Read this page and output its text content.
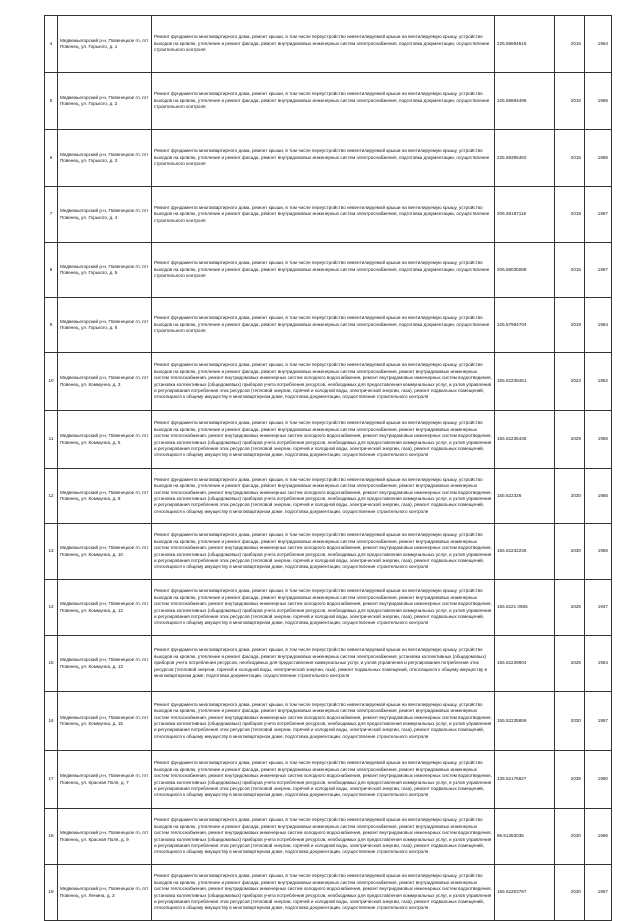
4	Медвежьегорский р-н, Повенецкое гп, пгт Повенец, ул. Горького, д. 1	Ремонт фундамента многоквартирного дома, ремонт крыши, в том числе переустройство невентилируемой крыши на вентилируемую крышу, устройство выходов на кровлю, утепление и ремонт фасада, ремонт внутридомовых инженерных систем электроснабжения, подготовка документации, осуществление строительного контроля	225.58694515	2016	1964
5	Медвежьегорский р-н, Повенецкое гп, пгт Повенец, ул. Горького, д. 2	Ремонт фундамента многоквартирного дома, ремонт крыши, в том числе переустройство невентилируемой крыши на вентилируемую крышу, устройство выходов на кровлю, утепление и ремонт фасада, ремонт внутридомовых инженерных систем электроснабжения, подготовка документации, осуществление строительного контроля	225.58694495	2016	1965
6	Медвежьегорский р-н, Повенецкое гп, пгт Повенец, ул. Горького, д. 3	Ремонт фундамента многоквартирного дома, ремонт крыши, в том числе переустройство невентилируемой крыши на вентилируемую крышу, устройство выходов на кровлю, утепление и ремонт фасада, ремонт внутридомовых инженерных систем электроснабжения, подготовка документации, осуществление строительного контроля	225.58395462	2016	1965
7	Медвежьегорский р-н, Повенецкое гп, пгт Повенец, ул. Горького, д. 4	Ремонт фундамента многоквартирного дома, ремонт крыши, в том числе переустройство невентилируемой крыши на вентилируемую крышу, устройство выходов на кровлю, утепление и ремонт фасада, ремонт внутридомовых инженерных систем электроснабжения, подготовка документации, осуществление строительного контроля	205.58187118	2019	1967
8	Медвежьегорский р-н, Повенецкое гп, пгт Повенец, ул. Горького, д. 5	Ремонт фундамента многоквартирного дома, ремонт крыши, в том числе переустройство невентилируемой крыши на вентилируемую крышу, устройство выходов на кровлю, утепление и ремонт фасада, ремонт внутридомовых инженерных систем электроснабжения, подготовка документации, осуществление строительного контроля	205.58035088	2016	1967
9	Медвежьегорский р-н, Повенецкое гп, пгт Повенец, ул. Горького, д. 6	Ремонт фундамента многоквартирного дома, ремонт крыши, в том числе переустройство невентилируемой крыши на вентилируемую крышу, устройство выходов на кровлю, утепление и ремонт фасада, ремонт внутридомовых инженерных систем электроснабжения, подготовка документации, осуществление строительного контроля	225.57984704	2019	1964
10	Медвежьегорский р-н, Повенецкое гп, пгт Повенец, ул. Коммунна, д. 3	Ремонт фундамента многоквартирного дома, ремонт крыши, в том числе переустройство невентилируемой крыши на вентилируемую крышу, устройство выходов на кровлю, утепление и ремонт фасада, ремонт внутридомовых инженерных систем электроснабжения, ремонт внутридомовых инженерных систем теплоснабжения, ремонт внутридомовых инженерных систем холодного водоснабжения, ремонт внутридомовых инженерных систем водоотведения, установка коллективных (общедомовых) приборов учета потребления ресурсов, необходимых для предоставления коммунальных услуг, и узлов управления и регулирования потребления этих ресурсов (тепловой энергии, горячей и холодной воды, электрической энергии, газа), ремонт подвальных помещений, относящихся к общему имуществу в многоквартирном доме, подготовка документации, осуществление строительного контроля	155.52238451	2023	1952
11	Медвежьегорский р-н, Повенецкое гп, пгт Повенец, ул. Коммунна, д. 5	Ремонт фундамента многоквартирного дома, ремонт крыши, в том числе переустройство невентилируемой крыши на вентилируемую крышу, устройство выходов на кровлю, утепление и ремонт фасада, ремонт внутридомовых инженерных систем электроснабжения, ремонт внутридомовых инженерных систем теплоснабжения, ремонт внутридомовых инженерных систем холодного водоснабжения, ремонт внутридомовых инженерных систем водоотведения, установка коллективных (общедомовых) приборов учета потребления ресурсов, необходимых для предоставления коммунальных услуг, и узлов управления и регулирования потребления этих ресурсов (тепловой энергии, горячей и холодной воды, электрической энергии, газа), ремонт подвальных помещений, относящихся к общему имуществу в многоквартирном доме, подготовка документации, осуществление строительного контроля	155.52235448	2029	1956
12	Медвежьегорский р-н, Повенецкое гп, пгт Повенец, ул. Коммунна, д. 8	Ремонт фундамента многоквартирного дома, ремонт крыши, в том числе переустройство невентилируемой крыши на вентилируемую крышу, устройство выходов на кровлю, утепление и ремонт фасада, ремонт внутридомовых инженерных систем электроснабжения, ремонт внутридомовых инженерных систем теплоснабжения, ремонт внутридомовых инженерных систем холодного водоснабжения, ремонт внутридомовых инженерных систем водоотведения, установка коллективных (общедомовых) приборов учета потребления ресурсов, необходимых для предоставления коммунальных услуг, и узлов управления и регулирования потребления этих ресурсов (тепловой энергии, горячей и холодной воды, электрической энергии, газа), ремонт подвальных помещений, относящихся к общему имуществу в многоквартирном доме, подготовка документации, осуществление строительного контроля	155.522326	2030	1956
13	Медвежьегорский р-н, Повенецкое гп, пгт Повенец, ул. Коммунна, д. 10	Ремонт фундамента многоквартирного дома, ремонт крыши, в том числе переустройство невентилируемой крыши на вентилируемую крышу, устройство выходов на кровлю, утепление и ремонт фасада, ремонт внутридомовых инженерных систем электроснабжения, ремонт внутридомовых инженерных систем теплоснабжения, ремонт внутридомовых инженерных систем холодного водоснабжения, ремонт внутридомовых инженерных систем водоотведения, установка коллективных (общедомовых) приборов учета потребления ресурсов, необходимых для предоставления коммунальных услуг, и узлов управления и регулирования потребления этих ресурсов (тепловой энергии, горячей и холодной воды, электрической энергии, газа), ремонт подвальных помещений, относящихся к общему имуществу в многоквартирном доме, подготовка документации, осуществление строительного контроля	155.52232236	2030	1956
14	Медвежьегорский р-н, Повенецкое гп, пгт Повенец, ул. Коммунна, д. 12	Ремонт фундамента многоквартирного дома, ремонт крыши, в том числе переустройство невентилируемой крыши на вентилируемую крышу, устройство выходов на кровлю, утепление и ремонт фасада, ремонт внутридомовых инженерных систем электроснабжения, ремонт внутридомовых инженерных систем теплоснабжения, ремонт внутридомовых инженерных систем холодного водоснабжения, ремонт внутридомовых инженерных систем водоотведения, установка коллективных (общедомовых) приборов учета потребления ресурсов, необходимых для предоставления коммунальных услуг, и узлов управления и регулирования потребления этих ресурсов (тепловой энергии, горячей и холодной воды, электрической энергии, газа), ремонт подвальных помещений, относящихся к общему имуществу в многоквартирном доме, подготовка документации, осуществление строительного контроля	155.5221 0665	2026	1947
15	Медвежьегорский р-н, Повенецкое гп, пгт Повенец, ул. Коммунна, д. 13	Ремонт фундамента многоквартирного дома, ремонт крыши, в том числе переустройство невентилируемой крыши на вентилируемую крышу, устройство выходов на кровлю, утепление и ремонт фасада, ремонт внутридомовых инженерных систем электроснабжения, установка коллективных (общедомовых) приборов учета потребления ресурсов, необходимых для предоставления коммунальных услуг, и узлов управления и регулирования потребления этих ресурсов (тепловой энергии, горячей и холодной воды, электрической энергии, газа), ремонт подвальных помещений, относящихся к общему имуществу в многоквартирном доме, подготовка документации, осуществление строительного контроля	155.52239904	2026	1964
16	Медвежьегорский р-н, Повенецкое гп, пгт Повенец, ул. Коммунна, д. 15	Ремонт фундамента многоквартирного дома, ремонт крыши, в том числе переустройство невентилируемой крыши на вентилируемую крышу, устройство выходов на кровлю, утепление и ремонт фасада, ремонт внутридомовых инженерных систем электроснабжения, ремонт внутридомовых инженерных систем теплоснабжения, ремонт внутридомовых инженерных систем холодного водоснабжения, ремонт внутридомовых инженерных систем водоотведения, установка коллективных (общедомовых) приборов учета потребления ресурсов, необходимых для предоставления коммунальных услуг, и узлов управления и регулирования потребления этих ресурсов (тепловой энергии, горячей и холодной воды, электрической энергии, газа), ремонт подвальных помещений, относящихся к общему имуществу в многоквартирном доме, подготовка документации, осуществление строительного контроля	155.52235659	2030	1957
17	Медвежьегорский р-н, Повенецкое гп, пгт Повенец, ул. Красная Поля, д. 7	Ремонт фундамента многоквартирного дома, ремонт крыши, в том числе переустройство невентилируемой крыши на вентилируемую крышу, устройство выходов на кровлю, утепление и ремонт фасада, ремонт внутридомовых инженерных систем электроснабжения, ремонт внутридомовых инженерных систем теплоснабжения, ремонт внутридомовых инженерных систем холодного водоснабжения, ремонт внутридомовых инженерных систем водоотведения, установка коллективных (общедомовых) приборов учета потребления ресурсов, необходимых для предоставления коммунальных услуг, и узлов управления и регулирования потребления этих ресурсов (тепловой энергии, горячей и холодной воды, электрической энергии, газа), ремонт подвальных помещений, относящихся к общему имуществу в многоквартирном доме, подготовка документации, осуществление строительного контроля	135.52176627	2035	1960
18	Медвежьегорский р-н, Повенецкое гп, пгт Повенец, ул. Красная Поля, д. 9	Ремонт фундамента многоквартирного дома, ремонт крыши, в том числе переустройство невентилируемой крыши на вентилируемую крышу, устройство выходов на кровлю, утепление и ремонт фасада, ремонт внутридомовых инженерных систем электроснабжения, ремонт внутридомовых инженерных систем теплоснабжения, ремонт внутридомовых инженерных систем холодного водоснабжения, ремонт внутридомовых инженерных систем водоотведения, установка коллективных (общедомовых) приборов учета потребления ресурсов, необходимых для предоставления коммунальных услуг, и узлов управления и регулирования потребления этих ресурсов (тепловой энергии, горячей и холодной воды, электрической энергии, газа), ремонт подвальных помещений, относящихся к общему имуществу в многоквартирном доме, подготовка документации, осуществление строительного контроля	96.51353036	2030	1966
19	Медвежьегорский р-н, Повенецкое гп, пгт Повенец, ул. Ленина, д. 3	Ремонт фундамента многоквартирного дома, ремонт крыши, в том числе переустройство невентилируемой крыши на вентилируемую крышу, устройство выходов на кровлю, утепление и ремонт фасада, ремонт внутридомовых инженерных систем электроснабжения, ремонт внутридомовых инженерных систем теплоснабжения, ремонт внутридомовых инженерных систем холодного водоснабжения, ремонт внутридомовых инженерных систем водоотведения, установка коллективных (общедомовых) приборов учета потребления ресурсов, необходимых для предоставления коммунальных услуг, и узлов управления и регулирования потребления этих ресурсов (тепловой энергии, горячей и холодной воды, электрической энергии, газа), ремонт подвальных помещений, относящихся к общему имуществу в многоквартирном доме, подготовка документации, осуществление строительного контроля	155.52203767	2030	1957
